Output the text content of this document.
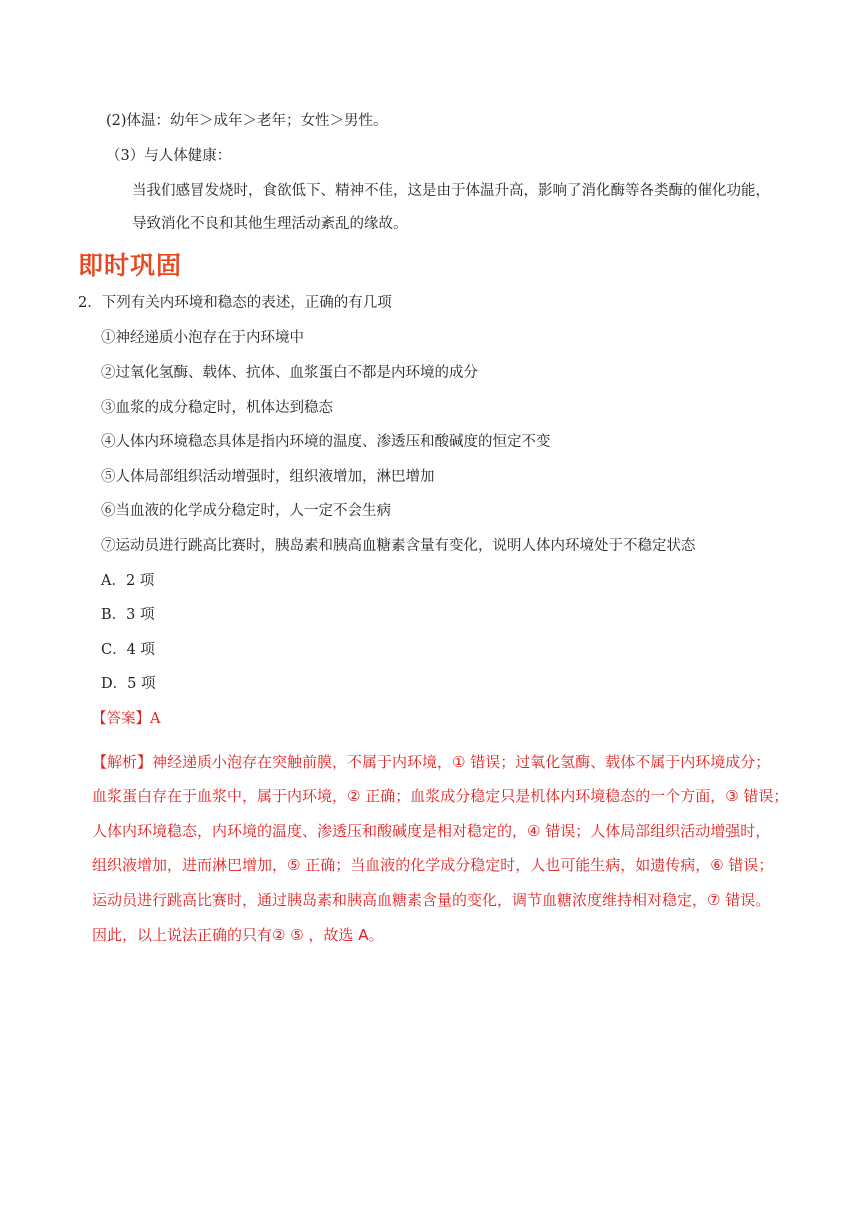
(2)体温：幼年＞成年＞老年；女性＞男性。
（3）与人体健康：
当我们感冒发烧时，食欲低下、精神不佳，这是由于体温升高，影响了消化酶等各类酶的催化功能，
导致消化不良和其他生理活动紊乱的缘故。
即时巩固
2．下列有关内环境和稳态的表述，正确的有几项
①神经递质小泡存在于内环境中
②过氧化氢酶、载体、抗体、血浆蛋白不都是内环境的成分
③血浆的成分稳定时，机体达到稳态
④人体内环境稳态具体是指内环境的温度、渗透压和酸碱度的恒定不变
⑤人体局部组织活动增强时，组织液增加，淋巴增加
⑥当血液的化学成分稳定时，人一定不会生病
⑦运动员进行跳高比赛时，胰岛素和胰高血糖素含量有变化，说明人体内环境处于不稳定状态
A．2 项
B．3 项
C．4 项
D．5 项
【答案】A
【解析】神经递质小泡存在突触前膜，不属于内环境，① 错误；过氧化氢酶、载体不属于内环境成分；
血浆蛋白存在于血浆中，属于内环境，② 正确；血浆成分稳定只是机体内环境稳态的一个方面，③ 错误；
人体内环境稳态，内环境的温度、渗透压和酸碱度是相对稳定的，④ 错误；人体局部组织活动增强时，
组织液增加，进而淋巴增加，⑤ 正确；当血液的化学成分稳定时，人也可能生病，如遗传病，⑥ 错误；
运动员进行跳高比赛时，通过胰岛素和胰高血糖素含量的变化，调节血糖浓度维持相对稳定，⑦ 错误。
因此，以上说法正确的只有② ⑤ ，故选 A。
